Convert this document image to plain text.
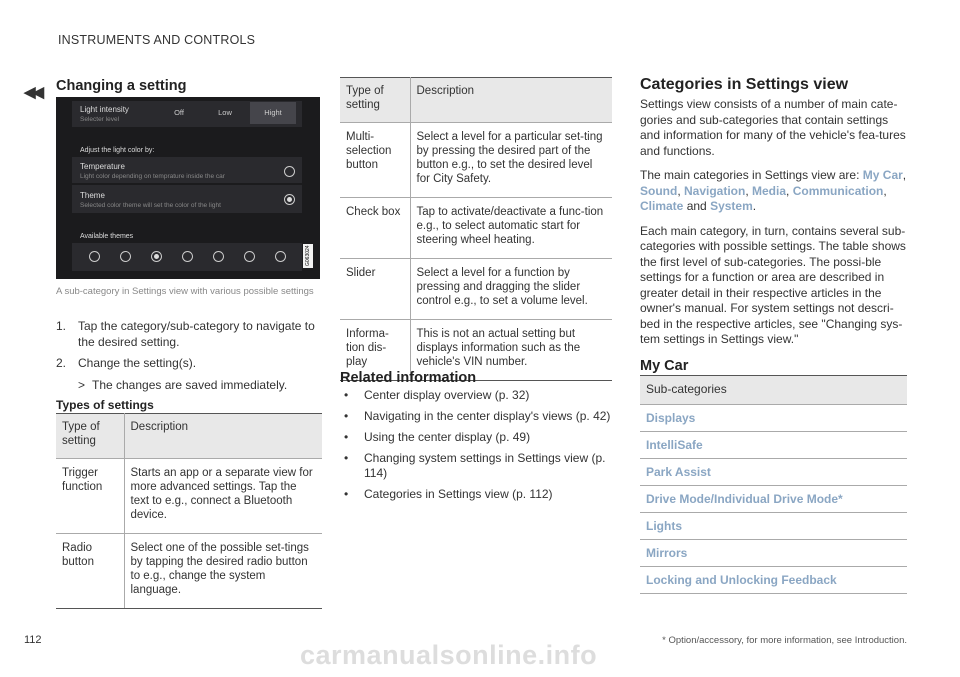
INSTRUMENTS AND CONTROLS
◀◀ Changing a setting
Light intensity
Selecter level
Off	Low	Hight
Adjust the light color by:
Temperature
Light color depending on temprature inside the car
Theme
Selected color theme will set the color of the light
Available themes
G063024
A sub-category in Settings view with various possible settings
1. Tap the category/sub-category to navigate to the desired setting.
2. Change the setting(s).
> The changes are saved immediately.
Types of settings
Type of setting	Description
Trigger function	Starts an app or a separate view for more advanced settings. Tap the text to e.g., connect a Bluetooth device.
Radio button	Select one of the possible set-tings by tapping the desired radio button to e.g., change the system language.
Type of setting	Description
Multi-selection button	Select a level for a particular set-ting by pressing the desired part of the button e.g., to set the desired level for City Safety.
Check box	Tap to activate/deactivate a func-tion e.g., to select automatic start for steering wheel heating.
Slider	Select a level for a function by pressing and dragging the slider control e.g., to set a volume level.
Informa-tion dis-play	This is not an actual setting but displays information such as the vehicle's VIN number.
Related information
• Center display overview (p. 32)
• Navigating in the center display's views (p. 42)
• Using the center display (p. 49)
• Changing system settings in Settings view (p. 114)
• Categories in Settings view (p. 112)
Categories in Settings view

Settings view consists of a number of main cate-gories and sub-categories that contain settings and information for many of the vehicle's fea-tures and functions.

The main categories in Settings view are: My Car, Sound, Navigation, Media, Communication, Climate and System.

Each main category, in turn, contains several sub-categories with possible settings. The table shows the first level of sub-categories. The possi-ble settings for a function or area are described in greater detail in their respective articles in the owner's manual. For system settings not descri-bed in the respective articles, see "Changing sys-tem settings in Settings view."

My Car
Sub-categories
Displays
IntelliSafe
Park Assist
Drive Mode/Individual Drive Mode*
Lights
Mirrors
Locking and Unlocking Feedback
112	* Option/accessory, for more information, see Introduction.
carmanualsonline.info
